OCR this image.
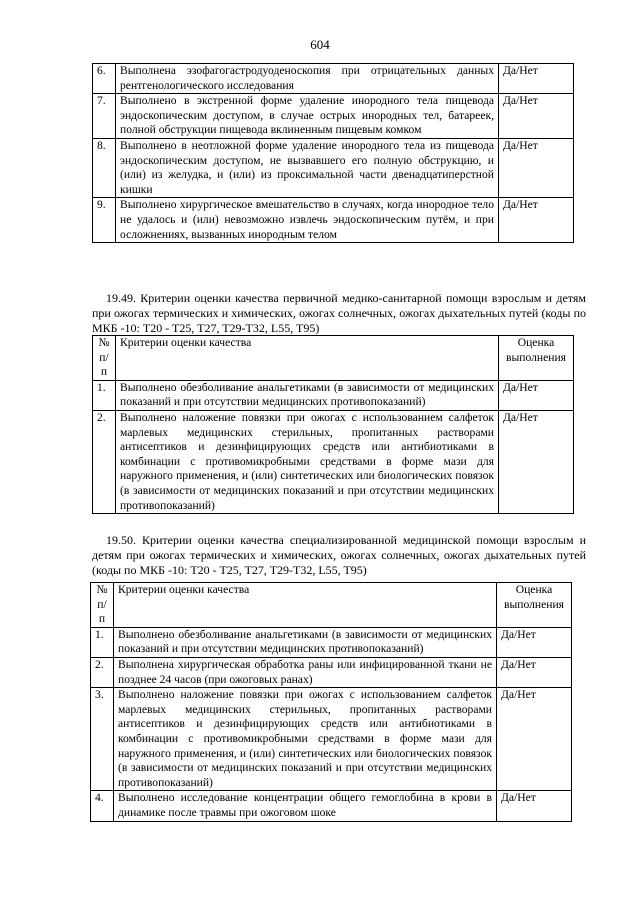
604
6.	Выполнена эзофагогастродуоденоскопия при отрицательных данных рентгенологического исследования	Да/Нет
7.	Выполнено в экстренной форме удаление инородного тела пищевода эндоскопическим доступом, в случае острых инородных тел, батареек, полной обструкции пищевода вклиненным пищевым комком	Да/Нет
8.	Выполнено в неотложной форме удаление инородного тела из пищевода эндоскопическим доступом, не вызвавшего его полную обструкцию, и (или) из желудка, и (или) из проксимальной части двенадцатиперстной кишки	Да/Нет
9.	Выполнено хирургическое вмешательство в случаях, когда инородное тело не удалось и (или) невозможно извлечь эндоскопическим путём, и при осложнениях, вызванных инородным телом	Да/Нет
19.49. Критерии оценки качества первичной медико-санитарной помощи взрослым и детям при ожогах термических и химических, ожогах солнечных, ожогах дыхательных путей (коды по МКБ -10: T20 - T25, T27, T29-T32, L55, T95)
№ п/п	Критерии оценки качества	Оценка выполнения
1.	Выполнено обезболивание анальгетиками (в зависимости от медицинских показаний и при отсутствии медицинских противопоказаний)	Да/Нет
2.	Выполнено наложение повязки при ожогах с использованием салфеток марлевых медицинских стерильных, пропитанных растворами антисептиков и дезинфицирующих средств или антибиотиками в комбинации с противомикробными средствами в форме мази для наружного применения, и (или) синтетических или биологических повязок (в зависимости от медицинских показаний и при отсутствии медицинских противопоказаний)	Да/Нет
19.50. Критерии оценки качества специализированной медицинской помощи взрослым и детям при ожогах термических и химических, ожогах солнечных, ожогах дыхательных путей (коды по МКБ -10: T20 - T25, T27, T29-T32, L55, T95)
№ п/п	Критерии оценки качества	Оценка выполнения
1.	Выполнено обезболивание анальгетиками (в зависимости от медицинских показаний и при отсутствии медицинских противопоказаний)	Да/Нет
2.	Выполнена хирургическая обработка раны или инфицированной ткани не позднее 24 часов (при ожоговых ранах)	Да/Нет
3.	Выполнено наложение повязки при ожогах с использованием салфеток марлевых медицинских стерильных, пропитанных растворами антисептиков и дезинфицирующих средств или антибиотиками в комбинации с противомикробными средствами в форме мази для наружного применения, и (или) синтетических или биологических повязок (в зависимости от медицинских показаний и при отсутствии медицинских противопоказаний)	Да/Нет
4.	Выполнено исследование концентрации общего гемоглобина в крови в динамике после травмы при ожоговом шоке	Да/Нет
